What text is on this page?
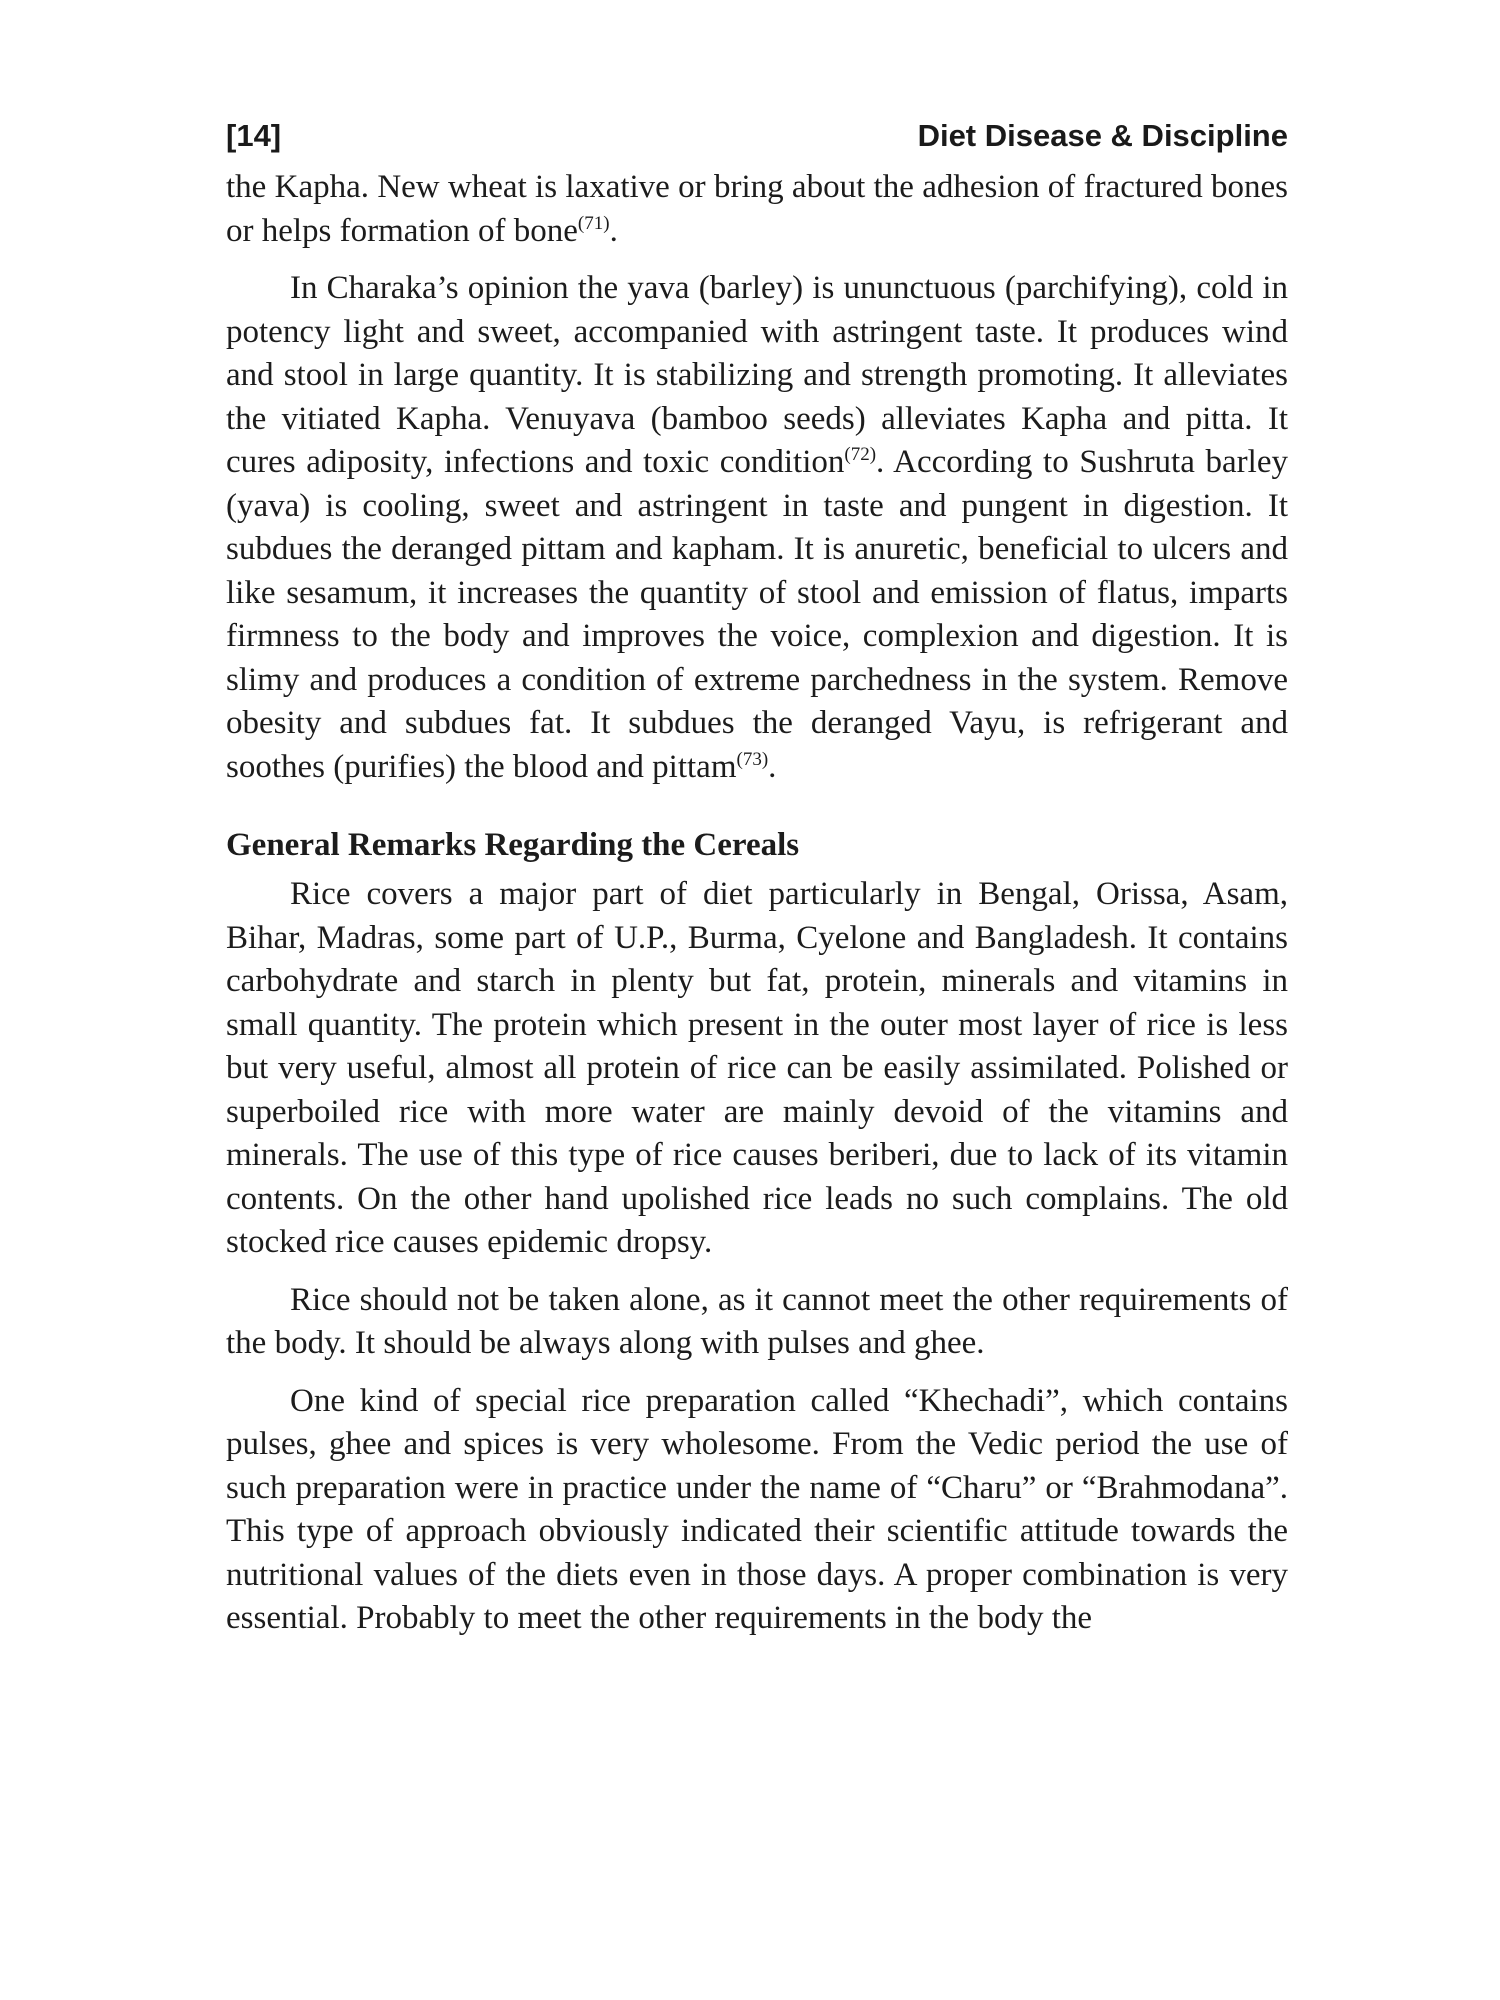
[14]	Diet Disease & Discipline

the Kapha. New wheat is laxative or bring about the adhesion of fractured bones or helps formation of bone$^{(71)}$.

In Charaka’s opinion the yava (barley) is ununctuous (parchifying), cold in potency light and sweet, accompanied with astringent taste. It produces wind and stool in large quantity. It is stabilizing and strength promoting. It alleviates the vitiated Kapha. Venuyava (bamboo seeds) alleviates Kapha and pitta. It cures adiposity, infections and toxic condition$^{(72)}$. According to Sushruta barley (yava) is cooling, sweet and astringent in taste and pungent in digestion. It subdues the deranged pittam and kapham. It is anuretic, beneficial to ulcers and like sesamum, it increases the quantity of stool and emission of flatus, imparts firmness to the body and improves the voice, complexion and digestion. It is slimy and produces a condition of extreme parchedness in the system. Remove obesity and subdues fat. It subdues the deranged Vayu, is refrigerant and soothes (purifies) the blood and pittam$^{(73)}$.

General Remarks Regarding the Cereals

Rice covers a major part of diet particularly in Bengal, Orissa, Asam, Bihar, Madras, some part of U.P., Burma, Cyelone and Bangladesh. It contains carbohydrate and starch in plenty but fat, protein, minerals and vitamins in small quantity. The protein which present in the outer most layer of rice is less but very useful, almost all protein of rice can be easily assimilated. Polished or superboiled rice with more water are mainly devoid of the vitamins and minerals. The use of this type of rice causes beriberi, due to lack of its vitamin contents. On the other hand upolished rice leads no such complains. The old stocked rice causes epidemic dropsy.

Rice should not be taken alone, as it cannot meet the other requirements of the body. It should be always along with pulses and ghee.

One kind of special rice preparation called “Khechadi”, which contains pulses, ghee and spices is very wholesome. From the Vedic period the use of such preparation were in practice under the name of “Charu” or “Brahmodana”. This type of approach obviously indicated their scientific attitude towards the nutritional values of the diets even in those days. A proper combination is very essential. Probably to meet the other requirements in the body the
